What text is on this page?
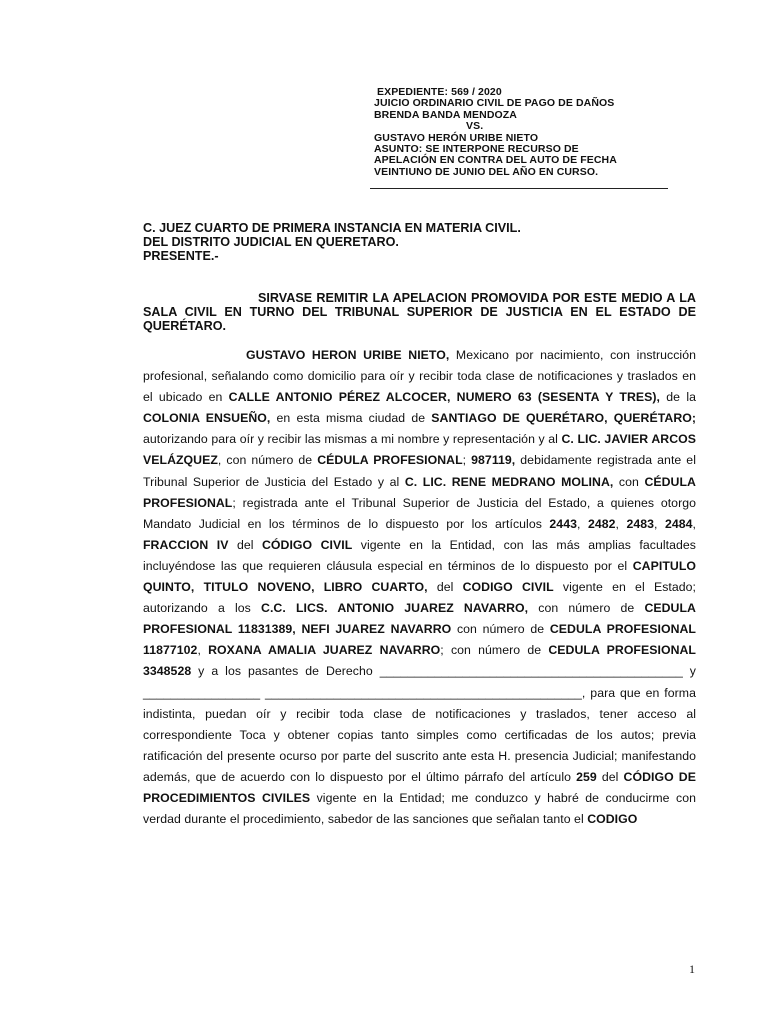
EXPEDIENTE: 569 / 2020
JUICIO ORDINARIO CIVIL DE PAGO DE DAÑOS
BRENDA BANDA MENDOZA
VS.
GUSTAVO HERÓN URIBE NIETO
ASUNTO: SE INTERPONE RECURSO DE
APELACIÓN EN CONTRA DEL AUTO DE FECHA
VEINTIUNO DE JUNIO DEL AÑO EN CURSO.
C. JUEZ CUARTO DE PRIMERA INSTANCIA EN MATERIA CIVIL.
DEL DISTRITO JUDICIAL EN QUERETARO.
PRESENTE.-
SIRVASE REMITIR LA APELACION PROMOVIDA POR ESTE MEDIO A LA SALA CIVIL EN TURNO DEL TRIBUNAL SUPERIOR DE JUSTICIA EN EL ESTADO DE QUERÉTARO.
GUSTAVO HERON URIBE NIETO, Mexicano por nacimiento, con instrucción profesional, señalando como domicilio para oír y recibir toda clase de notificaciones y traslados en el ubicado en CALLE ANTONIO PÉREZ ALCOCER, NUMERO 63 (SESENTA Y TRES), de la COLONIA ENSUEÑO, en esta misma ciudad de SANTIAGO DE QUERÉTARO, QUERÉTARO; autorizando para oír y recibir las mismas a mi nombre y representación y al C. LIC. JAVIER ARCOS VELÁZQUEZ, con número de CÉDULA PROFESIONAL; 987119, debidamente registrada ante el Tribunal Superior de Justicia del Estado y al C. LIC. RENE MEDRANO MOLINA, con CÉDULA PROFESIONAL; registrada ante el Tribunal Superior de Justicia del Estado, a quienes otorgo Mandato Judicial en los términos de lo dispuesto por los artículos 2443, 2482, 2483, 2484, FRACCION IV del CÓDIGO CIVIL vigente en la Entidad, con las más amplias facultades incluyéndose las que requieren cláusula especial en términos de lo dispuesto por el CAPITULO QUINTO, TITULO NOVENO, LIBRO CUARTO, del CODIGO CIVIL vigente en el Estado; autorizando a los C.C. LICS. ANTONIO JUAREZ NAVARRO, con número de CEDULA PROFESIONAL 11831389, NEFI JUAREZ NAVARRO con número de CEDULA PROFESIONAL 11877102, ROXANA AMALIA JUAREZ NAVARRO; con número de CEDULA PROFESIONAL 3348528 y a los pasantes de Derecho ____________________________________________ y _________________ ______________________________________________, para que en forma indistinta, puedan oír y recibir toda clase de notificaciones y traslados, tener acceso al correspondiente Toca y obtener copias tanto simples como certificadas de los autos; previa ratificación del presente ocurso por parte del suscrito ante esta H. presencia Judicial; manifestando además, que de acuerdo con lo dispuesto por el último párrafo del artículo 259 del CÓDIGO DE PROCEDIMIENTOS CIVILES vigente en la Entidad; me conduzco y habré de conducirme con verdad durante el procedimiento, sabedor de las sanciones que señalan tanto el CODIGO
1
